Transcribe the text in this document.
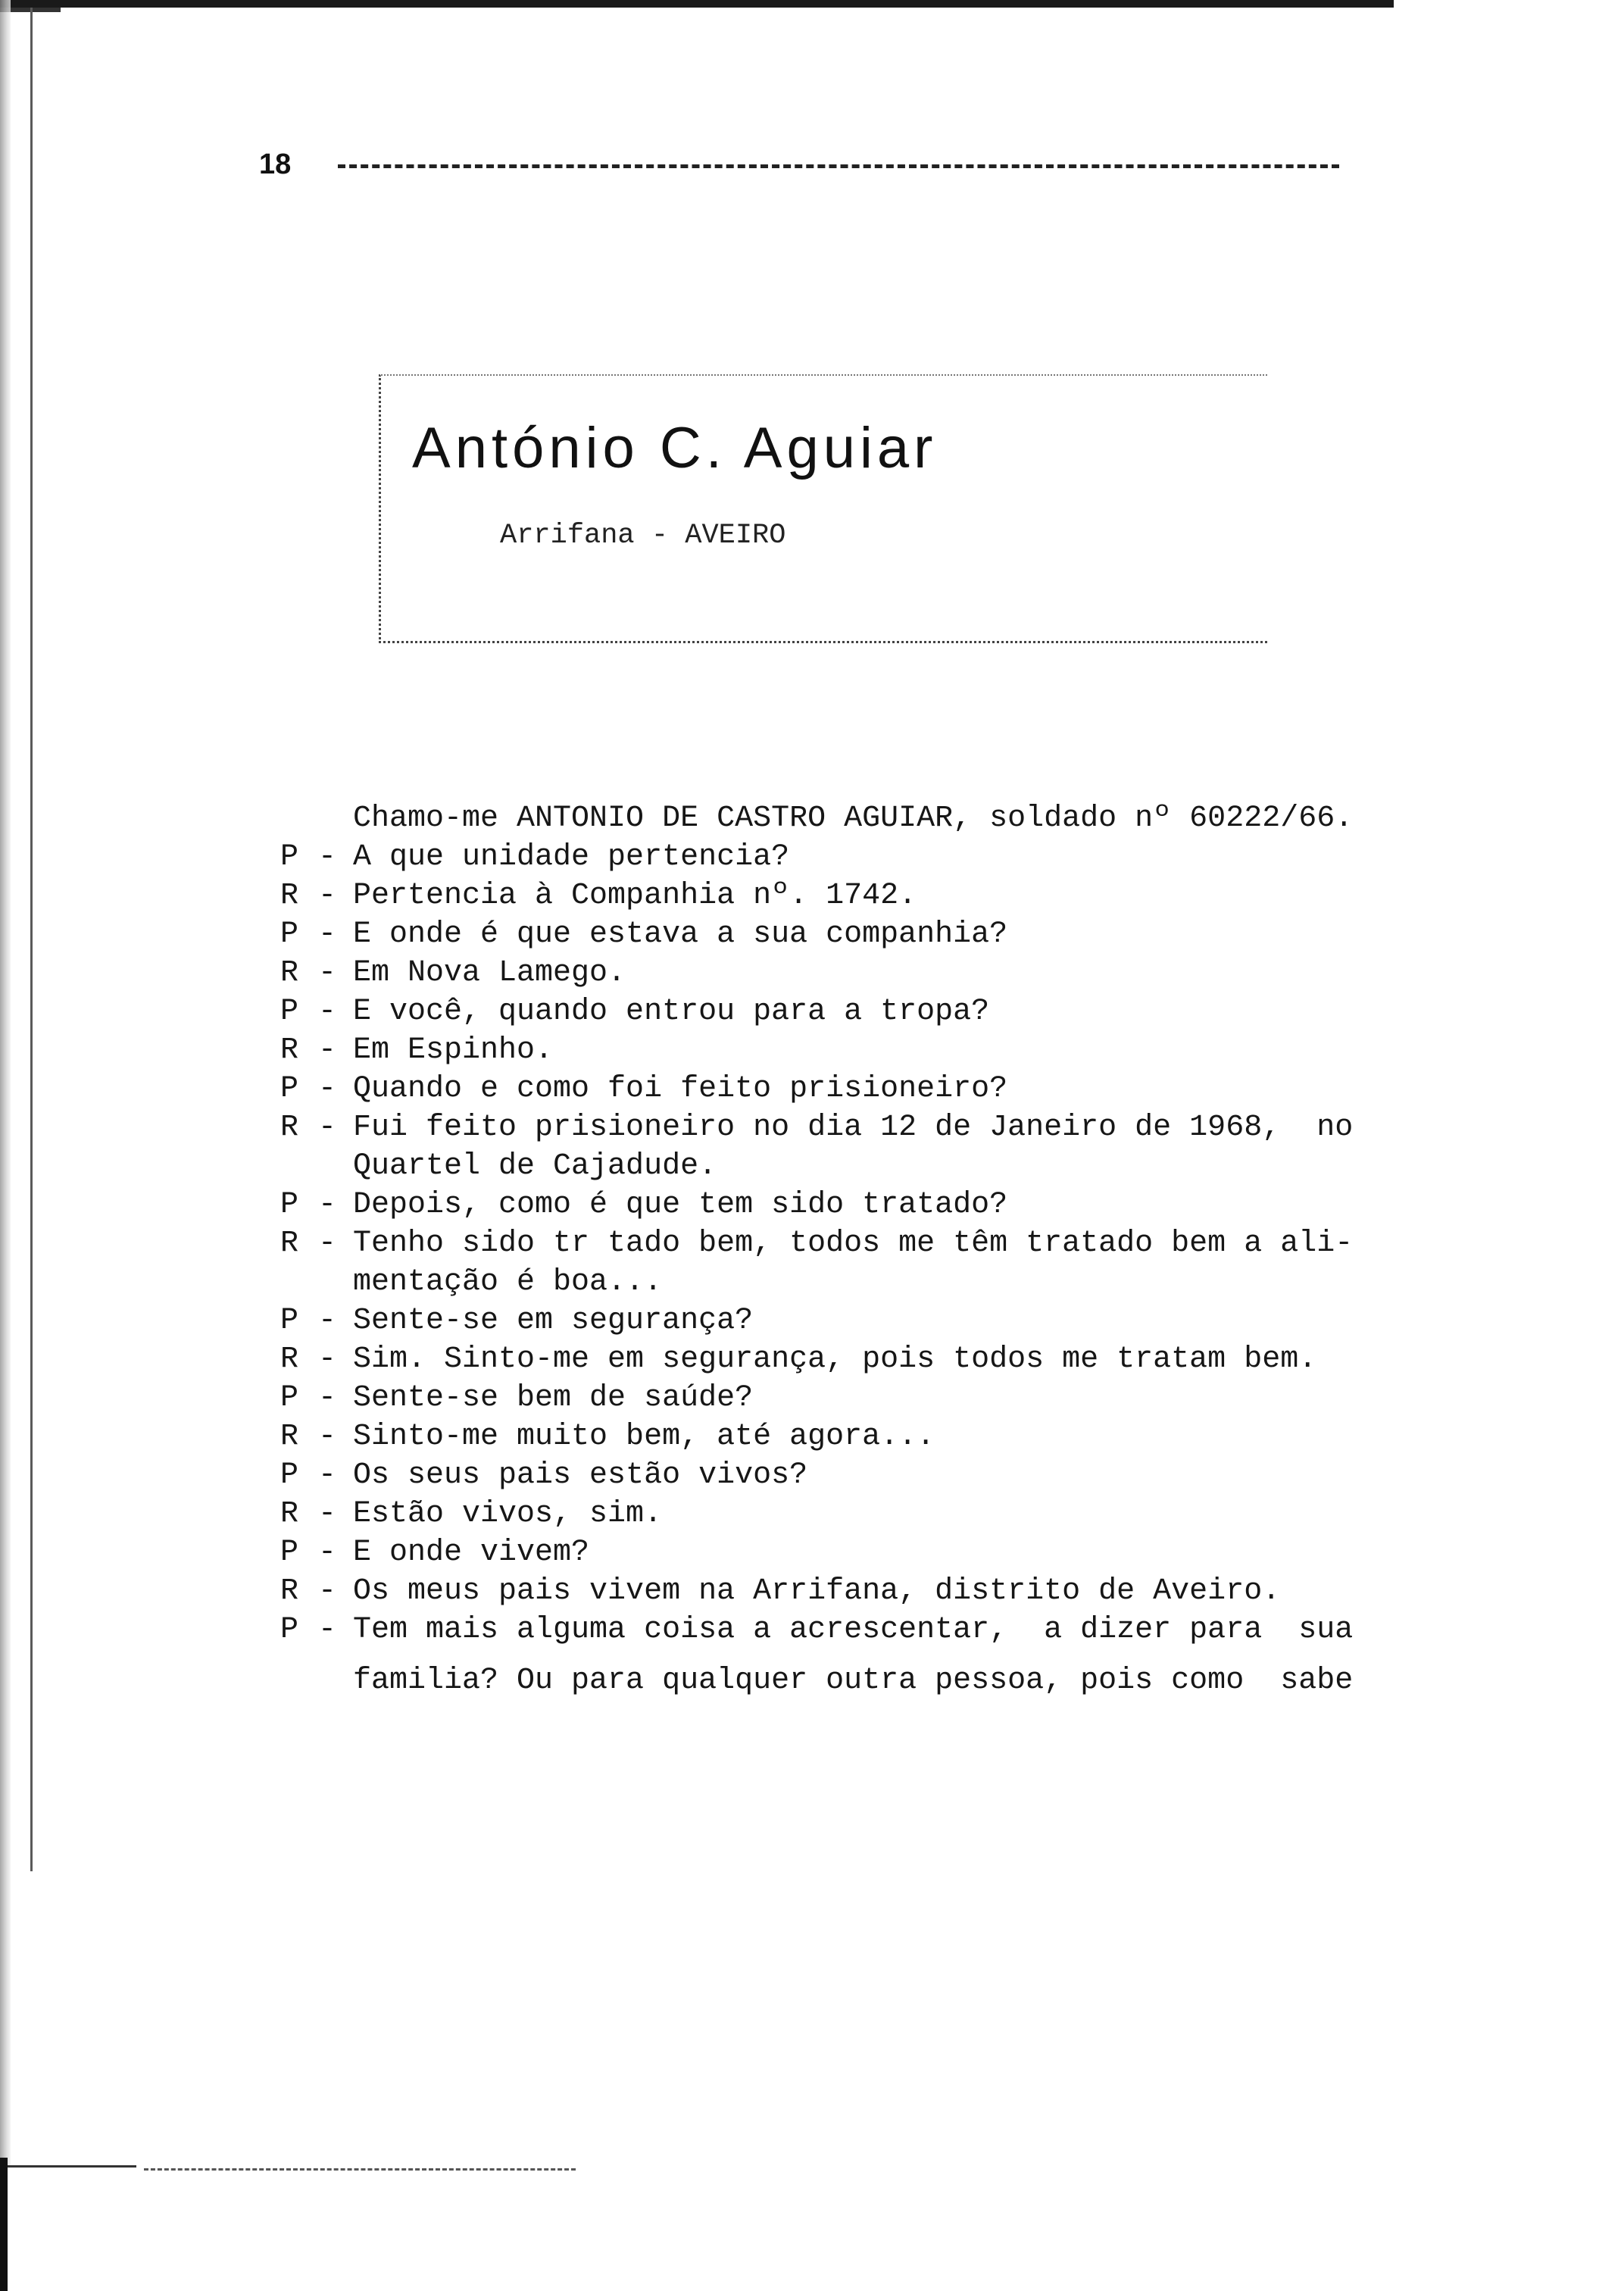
18
António C. Aguiar
Arrifana - AVEIRO
Chamo-me ANTONIO DE CASTRO AGUIAR, soldado nº 60222/66.
P - A que unidade pertencia?
R - Pertencia à Companhia nº. 1742.
P - E onde é que estava a sua companhia?
R - Em Nova Lamego.
P - E você, quando entrou para a tropa?
R - Em Espinho.
P - Quando e como foi feito prisioneiro?
R - Fui feito prisioneiro no dia 12 de Janeiro de 1968,  no
Quartel de Cajadude.
P - Depois, como é que tem sido tratado?
R - Tenho sido tr tado bem, todos me têm tratado bem a ali-
mentação é boa...
P - Sente-se em segurança?
R - Sim. Sinto-me em segurança, pois todos me tratam bem.
P - Sente-se bem de saúde?
R - Sinto-me muito bem, até agora...
P - Os seus pais estão vivos?
R - Estão vivos, sim.
P - E onde vivem?
R - Os meus pais vivem na Arrifana, distrito de Aveiro.
P - Tem mais alguma coisa a acrescentar,  a dizer para  sua
familia? Ou para qualquer outra pessoa, pois como  sabe
